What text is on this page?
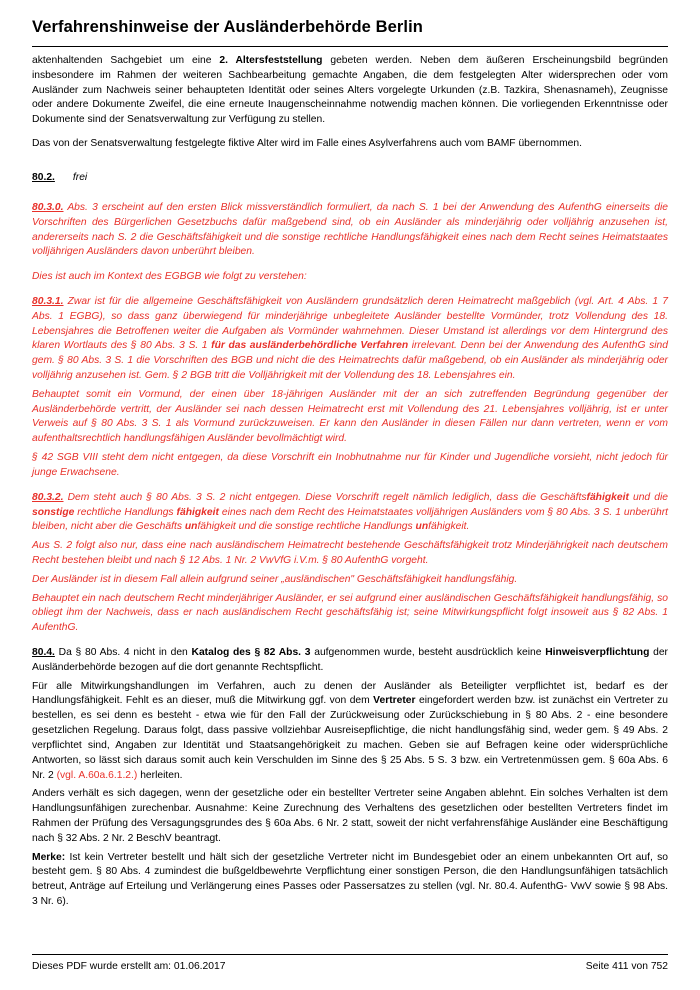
Verfahrenshinweise der Ausländerbehörde Berlin

aktenhaltenden Sachgebiet um eine 2. Altersfeststellung gebeten werden. Neben dem äußeren Erscheinungsbild begründen insbesondere im Rahmen der weiteren Sachbearbeitung gemachte Angaben, die dem festgelegten Alter widersprechen oder vom Ausländer zum Nachweis seiner behaupteten Identität oder seines Alters vorgelegte Urkunden (z.B. Tazkira, Shenasnameh), Zeugnisse oder andere Dokumente Zweifel, die eine erneute Inaugenscheinnahme notwendig machen können. Die vorliegenden Erkenntnisse oder Dokumente sind der Senatsverwaltung zur Verfügung zu stellen.

Das von der Senatsverwaltung festgelegte fiktive Alter wird im Falle eines Asylverfahrens auch vom BAMF übernommen.

80.2. frei

80.3.0. Abs. 3 erscheint auf den ersten Blick missverständlich formuliert, da nach S. 1 bei der Anwendung des AufenthG einerseits die Vorschriften des Bürgerlichen Gesetzbuchs dafür maßgebend sind, ob ein Ausländer als minderjährig oder volljährig anzusehen ist, andererseits nach S. 2 die Geschäftsfähigkeit und die sonstige rechtliche Handlungsfähigkeit eines nach dem Recht seines Heimatstaates volljährigen Ausländers davon unberührt bleiben.

Dies ist auch im Kontext des EGBGB wie folgt zu verstehen:

80.3.1. Zwar ist für die allgemeine Geschäftsfähigkeit von Ausländern grundsätzlich deren Heimatrecht maßgeblich (vgl. Art. 4 Abs. 1 7 Abs. 1 EGBG), so dass ganz überwiegend für minderjährige unbegleitete Ausländer bestellte Vormünder, trotz Vollendung des 18. Lebensjahres die Betroffenen weiter die Aufgaben als Vormünder wahrnehmen. Dieser Umstand ist allerdings vor dem Hintergrund des klaren Wortlauts des § 80 Abs. 3 S. 1 für das ausländerbehördliche Verfahren irrelevant. Denn bei der Anwendung des AufenthG sind gem. § 80 Abs. 3 S. 1 die Vorschriften des BGB und nicht die des Heimatrechts dafür maßgebend, ob ein Ausländer als minderjährig oder volljährig anzusehen ist. Gem. § 2 BGB tritt die Volljährigkeit mit der Vollendung des 18. Lebensjahres ein.

Behauptet somit ein Vormund, der einen über 18-jährigen Ausländer mit der an sich zutreffenden Begründung gegenüber der Ausländerbehörde vertritt, der Ausländer sei nach dessen Heimatrecht erst mit Vollendung des 21. Lebensjahres volljährig, ist er unter Verweis auf § 80 Abs. 3 S. 1 als Vormund zurückzuweisen. Er kann den Ausländer in diesen Fällen nur dann vertreten, wenn er vom aufenthaltsrechtlich handlungsfähigen Ausländer bevollmächtigt wird.

§ 42 SGB VIII steht dem nicht entgegen, da diese Vorschrift ein Inobhutnahme nur für Kinder und Jugendliche vorsieht, nicht jedoch für junge Erwachsene.

80.3.2. Dem steht auch § 80 Abs. 3 S. 2 nicht entgegen. Diese Vorschrift regelt nämlich lediglich, dass die Geschäftsfähigkeit und die sonstige rechtliche Handlungs fähigkeit eines nach dem Recht des Heimatstaates volljährigen Ausländers vom § 80 Abs. 3 S. 1 unberührt bleiben, nicht aber die Geschäfts unfähigkeit und die sonstige rechtliche Handlungs unfähigkeit.

Aus S. 2 folgt also nur, dass eine nach ausländischem Heimatrecht bestehende Geschäftsfähigkeit trotz Minderjährigkeit nach deutschem Recht bestehen bleibt und nach § 12 Abs. 1 Nr. 2 VwVfG i.V.m. § 80 AufenthG vorgeht.

Der Ausländer ist in diesem Fall allein aufgrund seiner „ausländischen" Geschäftsfähigkeit handlungsfähig.

Behauptet ein nach deutschem Recht minderjähriger Ausländer, er sei aufgrund einer ausländischen Geschäftsfähigkeit handlungsfähig, so obliegt ihm der Nachweis, dass er nach ausländischem Recht geschäftsfähig ist; seine Mitwirkungspflicht folgt insoweit aus § 82 Abs. 1 AufenthG.

80.4. Da § 80 Abs. 4 nicht in den Katalog des § 82 Abs. 3 aufgenommen wurde, besteht ausdrücklich keine Hinweisverpflichtung der Ausländerbehörde bezogen auf die dort genannte Rechtspflicht.

Für alle Mitwirkungshandlungen im Verfahren, auch zu denen der Ausländer als Beteiligter verpflichtet ist, bedarf es der Handlungsfähigkeit. Fehlt es an dieser, muß die Mitwirkung ggf. von dem Vertreter eingefordert werden bzw. ist zunächst ein Vertreter zu bestellen, es sei denn es besteht - etwa wie für den Fall der Zurückweisung oder Zurückschiebung in § 80 Abs. 2 - eine besondere gesetzlichen Regelung. Daraus folgt, dass passive vollziehbar Ausreisepflichtige, die nicht handlungsfähig sind, weder gem. § 49 Abs. 2 verpflichtet sind, Angaben zur Identität und Staatsangehörigkeit zu machen. Geben sie auf Befragen keine oder widersprüchliche Antworten, so lässt sich daraus somit auch kein Verschulden im Sinne des § 25 Abs. 5 S. 3 bzw. ein Vertretenmüssen gem. § 60a Abs. 6 Nr. 2 (vgl. A.60a.6.1.2.) herleiten.

Anders verhält es sich dagegen, wenn der gesetzliche oder ein bestellter Vertreter seine Angaben ablehnt. Ein solches Verhalten ist dem Handlungsunfähigen zurechenbar. Ausnahme: Keine Zurechnung des Verhaltens des gesetzlichen oder bestellten Vertreters findet im Rahmen der Prüfung des Versagungsgrundes des § 60a Abs. 6 Nr. 2 statt, soweit der nicht verfahrensfähige Ausländer eine Beschäftigung nach § 32 Abs. 2 Nr. 2 BeschV beantragt.

Merke: Ist kein Vertreter bestellt und hält sich der gesetzliche Vertreter nicht im Bundesgebiet oder an einem unbekannten Ort auf, so besteht gem. § 80 Abs. 4 zumindest die bußgeldbewehrte Verpflichtung einer sonstigen Person, die den Handlungsunfähigen tatsächlich betreut, Anträge auf Erteilung und Verlängerung eines Passes oder Passersatzes zu stellen (vgl. Nr. 80.4. AufenthG- VwV sowie § 98 Abs. 3 Nr. 6).

Dieses PDF wurde erstellt am: 01.06.2017	Seite 411 von 752
